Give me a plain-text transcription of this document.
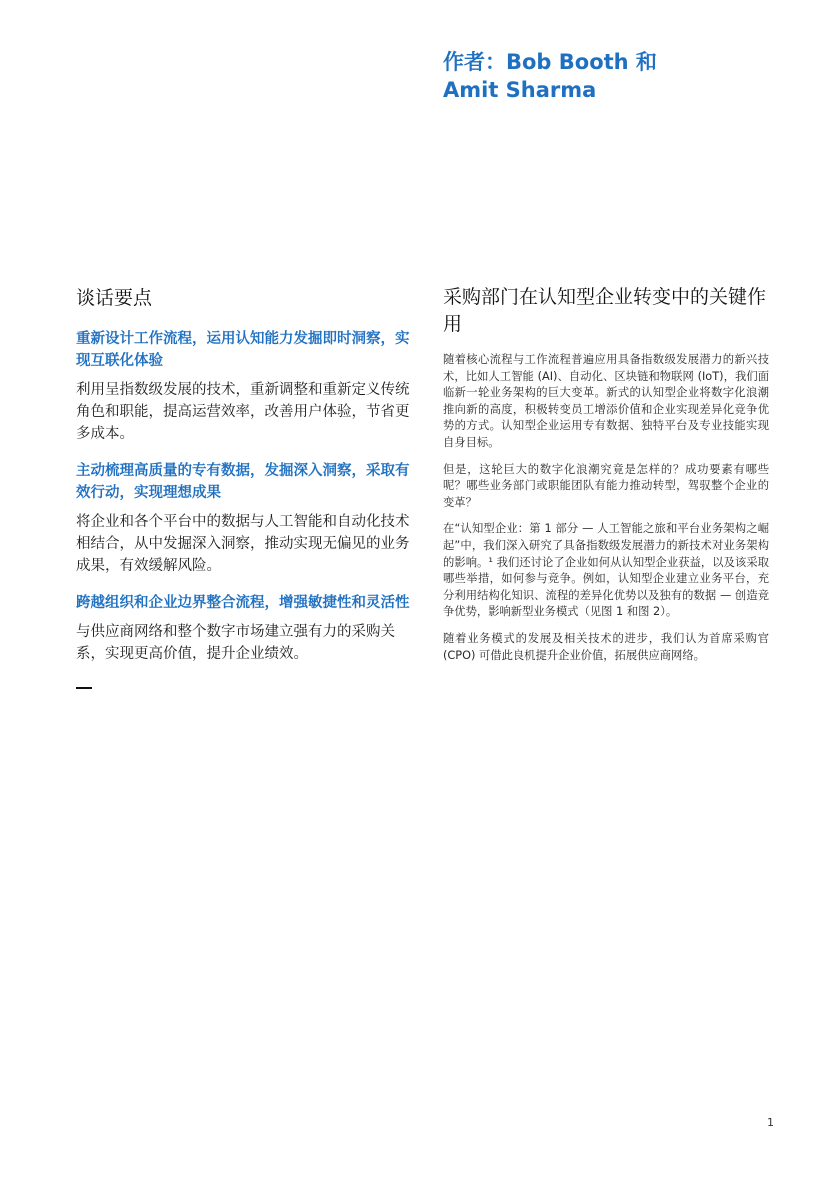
作者：Bob Booth 和
Amit Sharma
谈话要点

重新设计工作流程，运用认知能力发掘即时洞察，实现互联化体验

利用呈指数级发展的技术，重新调整和重新定义传统角色和职能，提高运营效率，改善用户体验，节省更多成本。

主动梳理高质量的专有数据，发掘深入洞察，采取有效行动，实现理想成果

将企业和各个平台中的数据与人工智能和自动化技术相结合，从中发掘深入洞察，推动实现无偏见的业务成果，有效缓解风险。

跨越组织和企业边界整合流程，增强敏捷性和灵活性

与供应商网络和整个数字市场建立强有力的采购关系，实现更高价值，提升企业绩效。

采购部门在认知型企业转变中的关键作用

随着核心流程与工作流程普遍应用具备指数级发展潜力的新兴技术，比如人工智能 (AI)、自动化、区块链和物联网 (IoT)，我们面临新一轮业务架构的巨大变革。新式的认知型企业将数字化浪潮推向新的高度，积极转变员工增添价值和企业实现差异化竞争优势的方式。认知型企业运用专有数据、独特平台及专业技能实现自身目标。

但是，这轮巨大的数字化浪潮究竟是怎样的？成功要素有哪些呢？哪些业务部门或职能团队有能力推动转型，驾驭整个企业的变革？

在“认知型企业：第 1 部分 — 人工智能之旅和平台业务架构之崛起”中，我们深入研究了具备指数级发展潜力的新技术对业务架构的影响。¹ 我们还讨论了企业如何从认知型企业获益，以及该采取哪些举措，如何参与竞争。例如，认知型企业建立业务平台，充分利用结构化知识、流程的差异化优势以及独有的数据 — 创造竞争优势，影响新型业务模式（见图 1 和图 2）。

随着业务模式的发展及相关技术的进步，我们认为首席采购官 (CPO) 可借此良机提升企业价值，拓展供应商网络。

1
